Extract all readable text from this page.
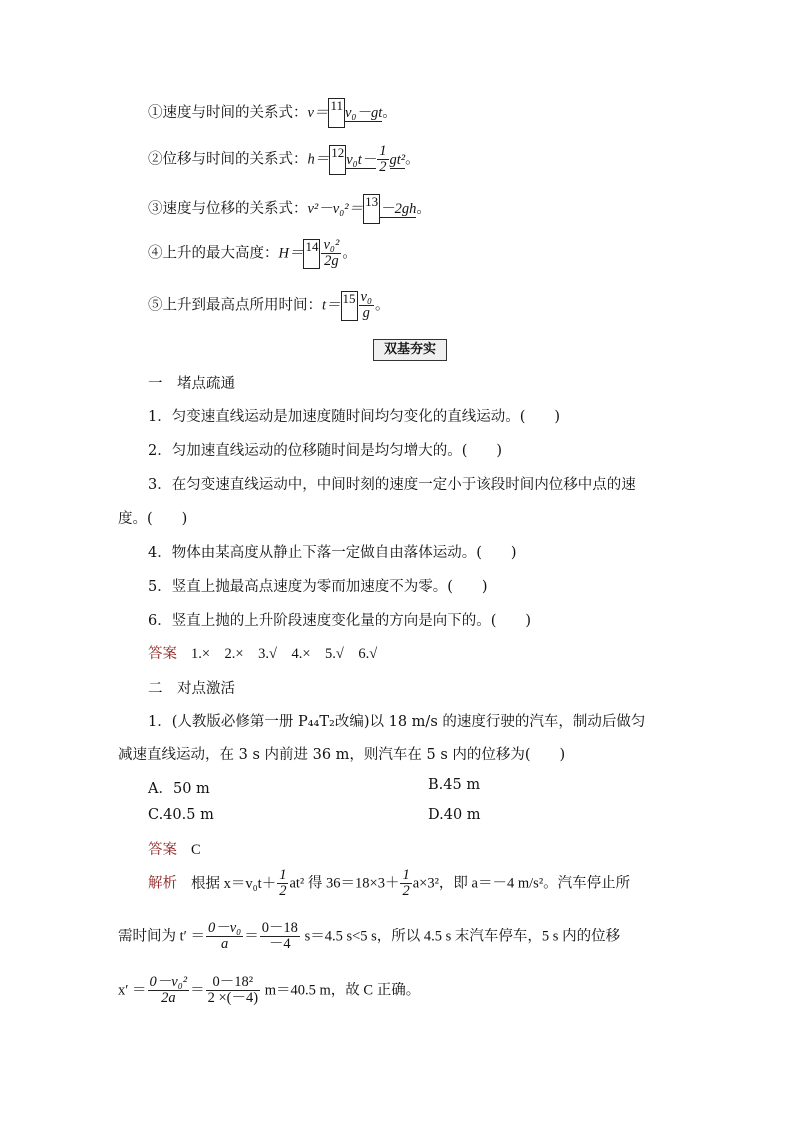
①速度与时间的关系式：v＝ 11 v₀－gt。
②位移与时间的关系式：h＝ 12 $v_0t- \frac{1}{2} gt^2$。
③速度与位移的关系式：v²－v₀²＝ 13 －2gh。
④上升的最大高度：$H= 14 \frac{\text{v₀²}}{2g}$ 。
⑤上升到最高点所用时间：$t= 15 \frac{\text{v₀}}{g}$ 。
双基夯实
一　堵点疏通
1．匀变速直线运动是加速度随时间均匀变化的直线运动。(　　)
2．匀加速直线运动的位移随时间是均匀增大的。(　　)
3．在匀变速直线运动中，中间时刻的速度一定小于该段时间内位移中点的速
度。(　　)
4．物体由某高度从静止下落一定做自由落体运动。(　　)
5．竖直上抛最高点速度为零而加速度不为零。(　　)
6．竖直上抛的上升阶段速度变化量的方向是向下的。(　　)
答案 1.×　2.×　3.√　4.×　5.√　6.√
二　对点激活
1．(人教版必修第一册 P₄₄T₂改编)以 18 m/s 的速度行驶的汽车，制动后做匀
减速直线运动，在 3 s 内前进 36 m，则汽车在 5 s 内的位移为(　　)
A．50 m	B.45 m
C.40.5 m	D.40 m
答案 C
解析 根据 $x=v_0t+ \frac{1}{2} at^2$ 得 $36=18\times 3+ \frac{1}{2} a\times 3^2$，即 a＝－4 m/s²。汽车停止所
需时间为 $t' = \frac{\text{0－v₀}}{a} = \frac{0-18}{-4} s=4.5$ s<5 s，所以 4.5 s 末汽车停车，5 s 内的位移
$x' = \frac{\text{0－v₀²}}{2a} = \frac{\text{0－18²}}{2 \times(-4)} m=40.5$ m，故 C 正确。
